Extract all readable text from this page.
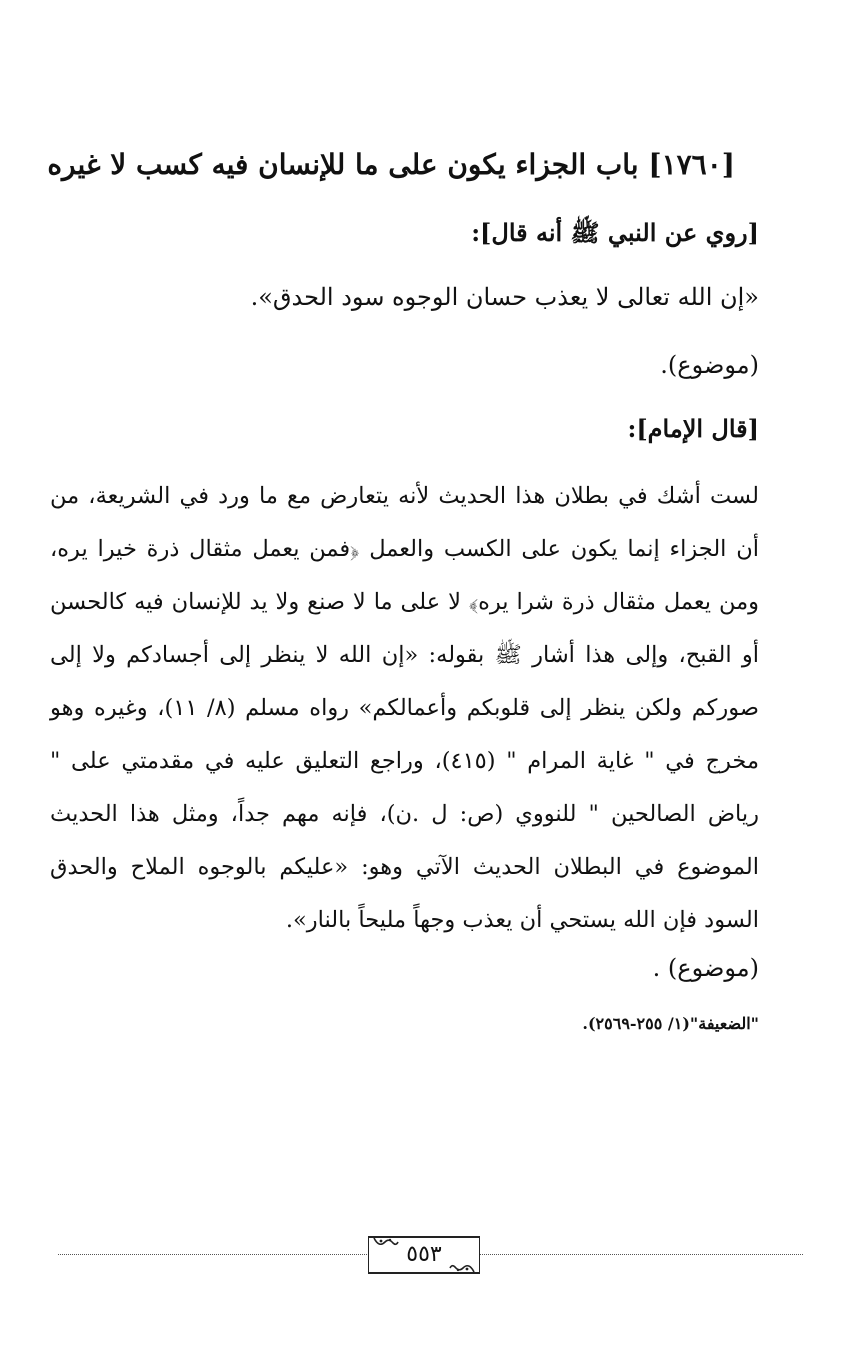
[١٧٦٠] باب الجزاء يكون على ما للإنسان فيه كسب لا غيره
[روي عن النبي ﷺ أنه قال]:
«إن الله تعالى لا يعذب حسان الوجوه سود الحدق».
(موضوع).
[قال الإمام]:

لست أشك في بطلان هذا الحديث لأنه يتعارض مع ما ورد في الشريعة، من أن الجزاء إنما يكون على الكسب والعمل ﴿فمن يعمل مثقال ذرة خيرا يره، ومن يعمل مثقال ذرة شرا يره﴾ لا على ما لا صنع ولا يد للإنسان فيه كالحسن أو القبح، وإلى هذا أشار ﷺ بقوله: «إن الله لا ينظر إلى أجسادكم ولا إلى صوركم ولكن ينظر إلى قلوبكم وأعمالكم» رواه مسلم (٨/ ١١)، وغيره وهو مخرج في " غاية المرام " (٤١٥)، وراجع التعليق عليه في مقدمتي على " رياض الصالحين " للنووي (ص: ل .ن)، فإنه مهم جداً، ومثل هذا الحديث الموضوع في البطلان الحديث الآتي وهو: «عليكم بالوجوه الملاح والحدق السود فإن الله يستحي أن يعذب وجهاً مليحاً بالنار».

(موضوع) .
"الضعيفة"(١/ ٢٥٥-٢٥٦٩).
٥٥٣
